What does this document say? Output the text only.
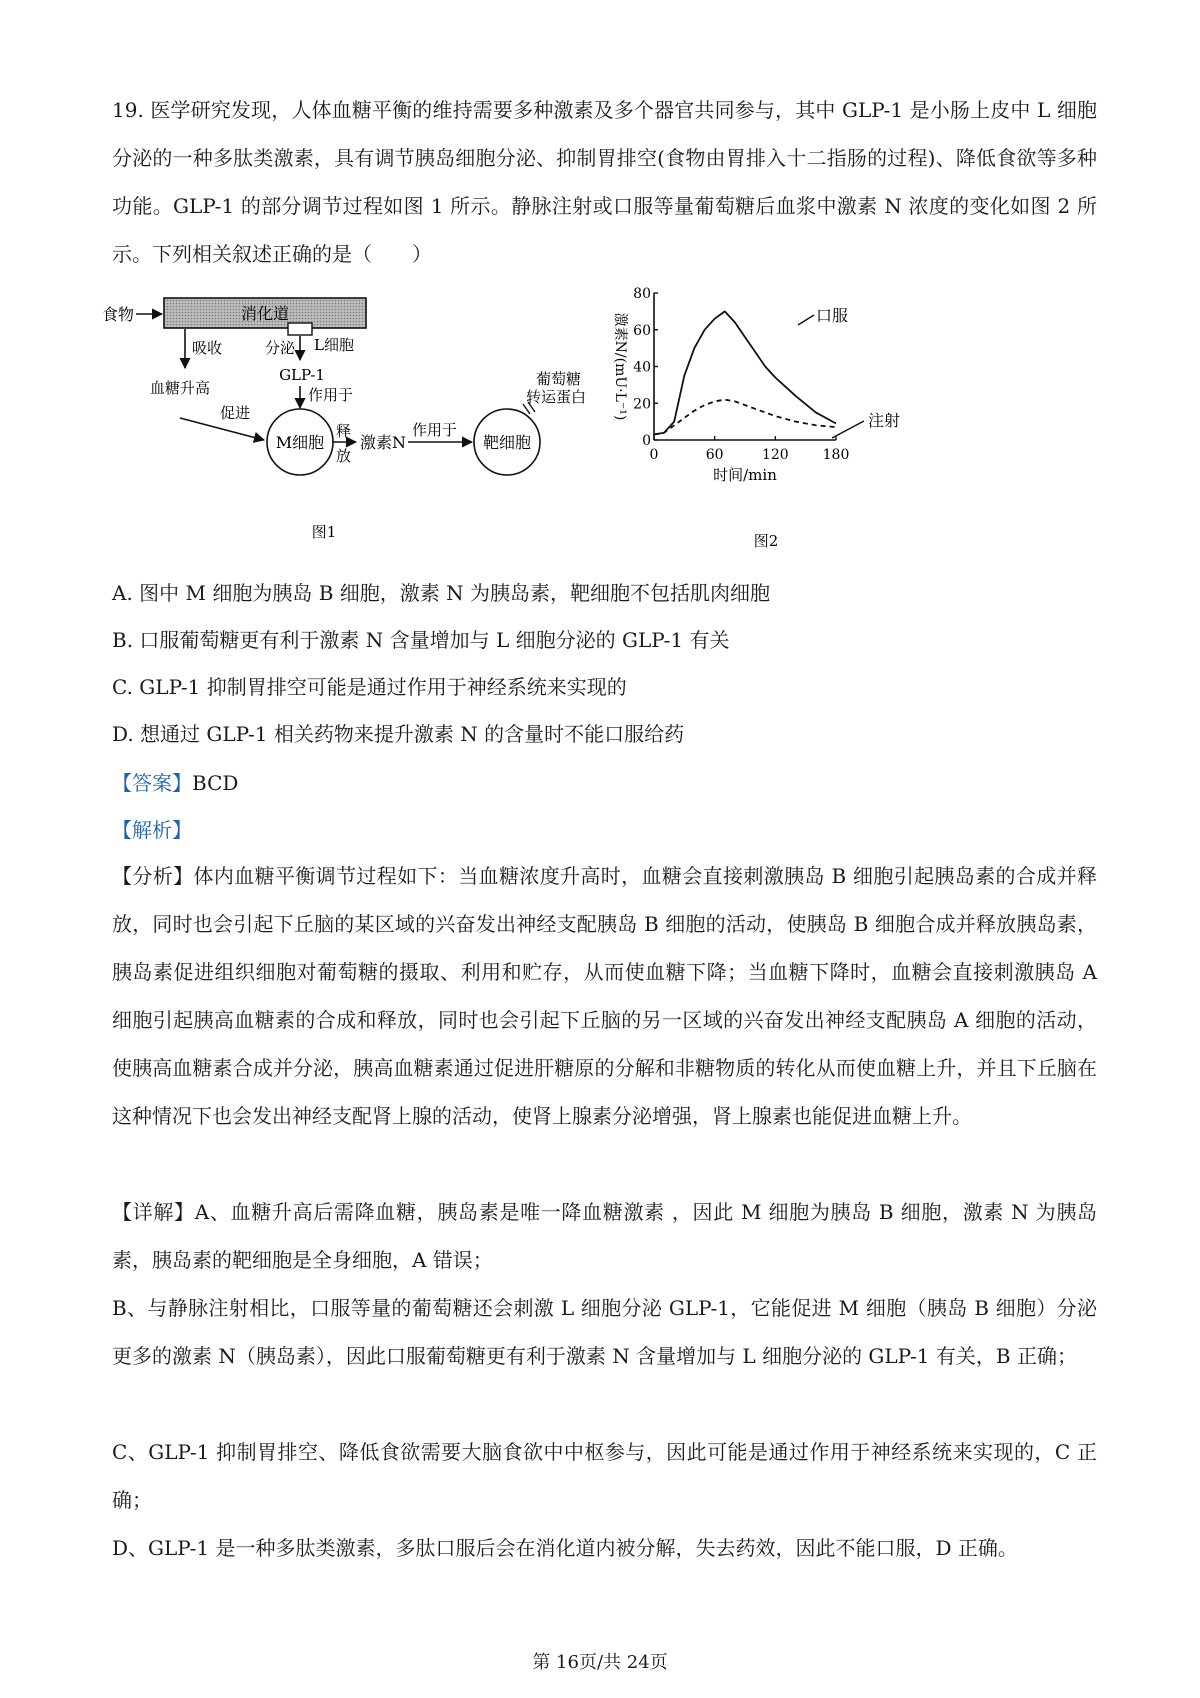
19. 医学研究发现，人体血糖平衡的维持需要多种激素及多个器官共同参与，其中 GLP-1 是小肠上皮中 L 细胞分泌的一种多肽类激素，具有调节胰岛细胞分泌、抑制胃排空(食物由胃排入十二指肠的过程)、降低食欲等多种功能。GLP-1 的部分调节过程如图 1 所示。静脉注射或口服等量葡萄糖后血浆中激素 N 浓度的变化如图 2 所示。下列相关叙述正确的是（　　）
食物	消化道
L细胞
吸收	分泌
GLP-1
作用于
血糖升高
促进
M细胞
释 放
激素N
作用于
靶细胞
葡萄糖 转运蛋白
图1
0
20
40
60
80
0	60	120 180
时间/min
激素N/(mU·L⁻¹)	口服
注射
图2
A. 图中 M 细胞为胰岛 B 细胞，激素 N 为胰岛素，靶细胞不包括肌肉细胞
B. 口服葡萄糖更有利于激素 N 含量增加与 L 细胞分泌的 GLP-1 有关
C. GLP-1 抑制胃排空可能是通过作用于神经系统来实现的
D. 想通过 GLP-1 相关药物来提升激素 N 的含量时不能口服给药
【答案】BCD
【解析】
【分析】体内血糖平衡调节过程如下：当血糖浓度升高时，血糖会直接刺激胰岛 B 细胞引起胰岛素的合成并释放，同时也会引起下丘脑的某区域的兴奋发出神经支配胰岛 B 细胞的活动，使胰岛 B 细胞合成并释放胰岛素，胰岛素促进组织细胞对葡萄糖的摄取、利用和贮存，从而使血糖下降；当血糖下降时，血糖会直接刺激胰岛 A 细胞引起胰高血糖素的合成和释放，同时也会引起下丘脑的另一区域的兴奋发出神经支配胰岛 A 细胞的活动，使胰高血糖素合成并分泌，胰高血糖素通过促进肝糖原的分解和非糖物质的转化从而使血糖上升，并且下丘脑在这种情况下也会发出神经支配肾上腺的活动，使肾上腺素分泌增强，肾上腺素也能促进血糖上升。
【详解】A、血糖升高后需降血糖，胰岛素是唯一降血糖激素 ，因此 M 细胞为胰岛 B 细胞，激素 N 为胰岛素，胰岛素的靶细胞是全身细胞，A 错误；
B、与静脉注射相比，口服等量的葡萄糖还会刺激 L 细胞分泌 GLP-1，它能促进 M 细胞（胰岛 B 细胞）分泌更多的激素 N（胰岛素），因此口服葡萄糖更有利于激素 N 含量增加与 L 细胞分泌的 GLP-1 有关，B 正确；
C、GLP-1 抑制胃排空、降低食欲需要大脑食欲中中枢参与，因此可能是通过作用于神经系统来实现的，C 正确；
D、GLP-1 是一种多肽类激素，多肽口服后会在消化道内被分解，失去药效，因此不能口服，D 正确。
第 16页/共 24页
